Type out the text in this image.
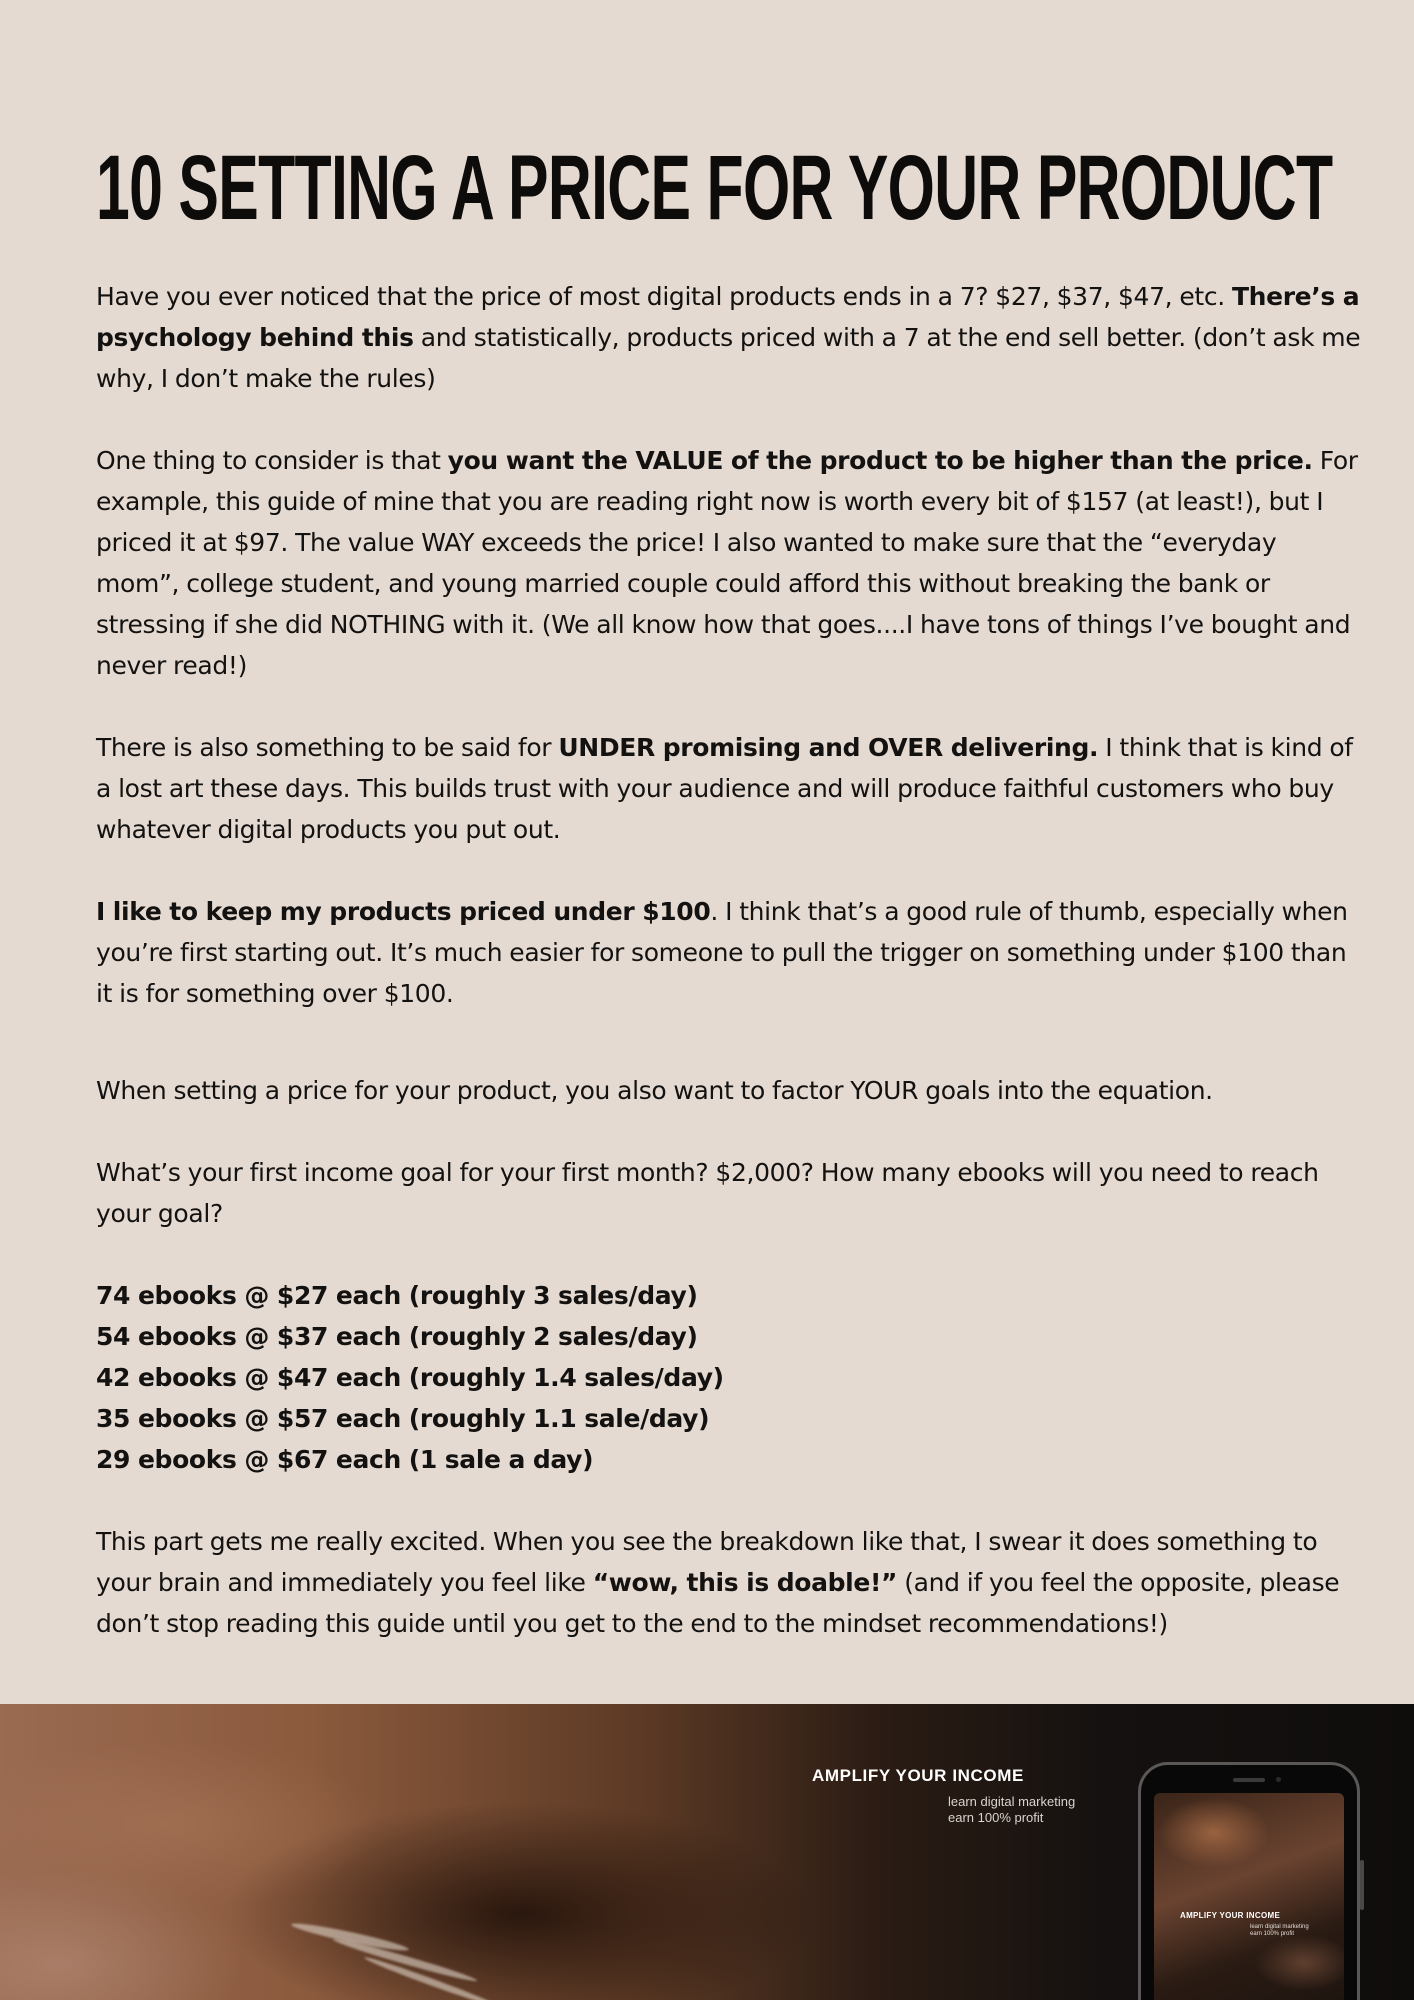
10 SETTING A PRICE FOR YOUR PRODUCT

Have you ever noticed that the price of most digital products ends in a 7? $27, $37, $47, etc. There’s a psychology behind this and statistically, products priced with a 7 at the end sell better. (don’t ask me why, I don’t make the rules)

One thing to consider is that you want the VALUE of the product to be higher than the price. For example, this guide of mine that you are reading right now is worth every bit of $157 (at least!), but I priced it at $97. The value WAY exceeds the price! I also wanted to make sure that the “everyday mom”, college student, and young married couple could afford this without breaking the bank or stressing if she did NOTHING with it. (We all know how that goes....I have tons of things I’ve bought and never read!)

There is also something to be said for UNDER promising and OVER delivering. I think that is kind of a lost art these days. This builds trust with your audience and will produce faithful customers who buy whatever digital products you put out.

I like to keep my products priced under $100. I think that’s a good rule of thumb, especially when you’re first starting out. It’s much easier for someone to pull the trigger on something under $100 than it is for something over $100.

When setting a price for your product, you also want to factor YOUR goals into the equation.

What’s your first income goal for your first month? $2,000? How many ebooks will you need to reach your goal?

74 ebooks @ $27 each (roughly 3 sales/day)
54 ebooks @ $37 each (roughly 2 sales/day)
42 ebooks @ $47 each (roughly 1.4 sales/day)
35 ebooks @ $57 each (roughly 1.1 sale/day)
29 ebooks @ $67 each (1 sale a day)

This part gets me really excited. When you see the breakdown like that, I swear it does something to your brain and immediately you feel like “wow, this is doable!” (and if you feel the opposite, please don’t stop reading this guide until you get to the end to the mindset recommendations!)

AMPLIFY YOUR INCOME
learn digital marketing
earn 100% profit
AMPLIFY YOUR INCOME
learn digital marketing
earn 100% profit
